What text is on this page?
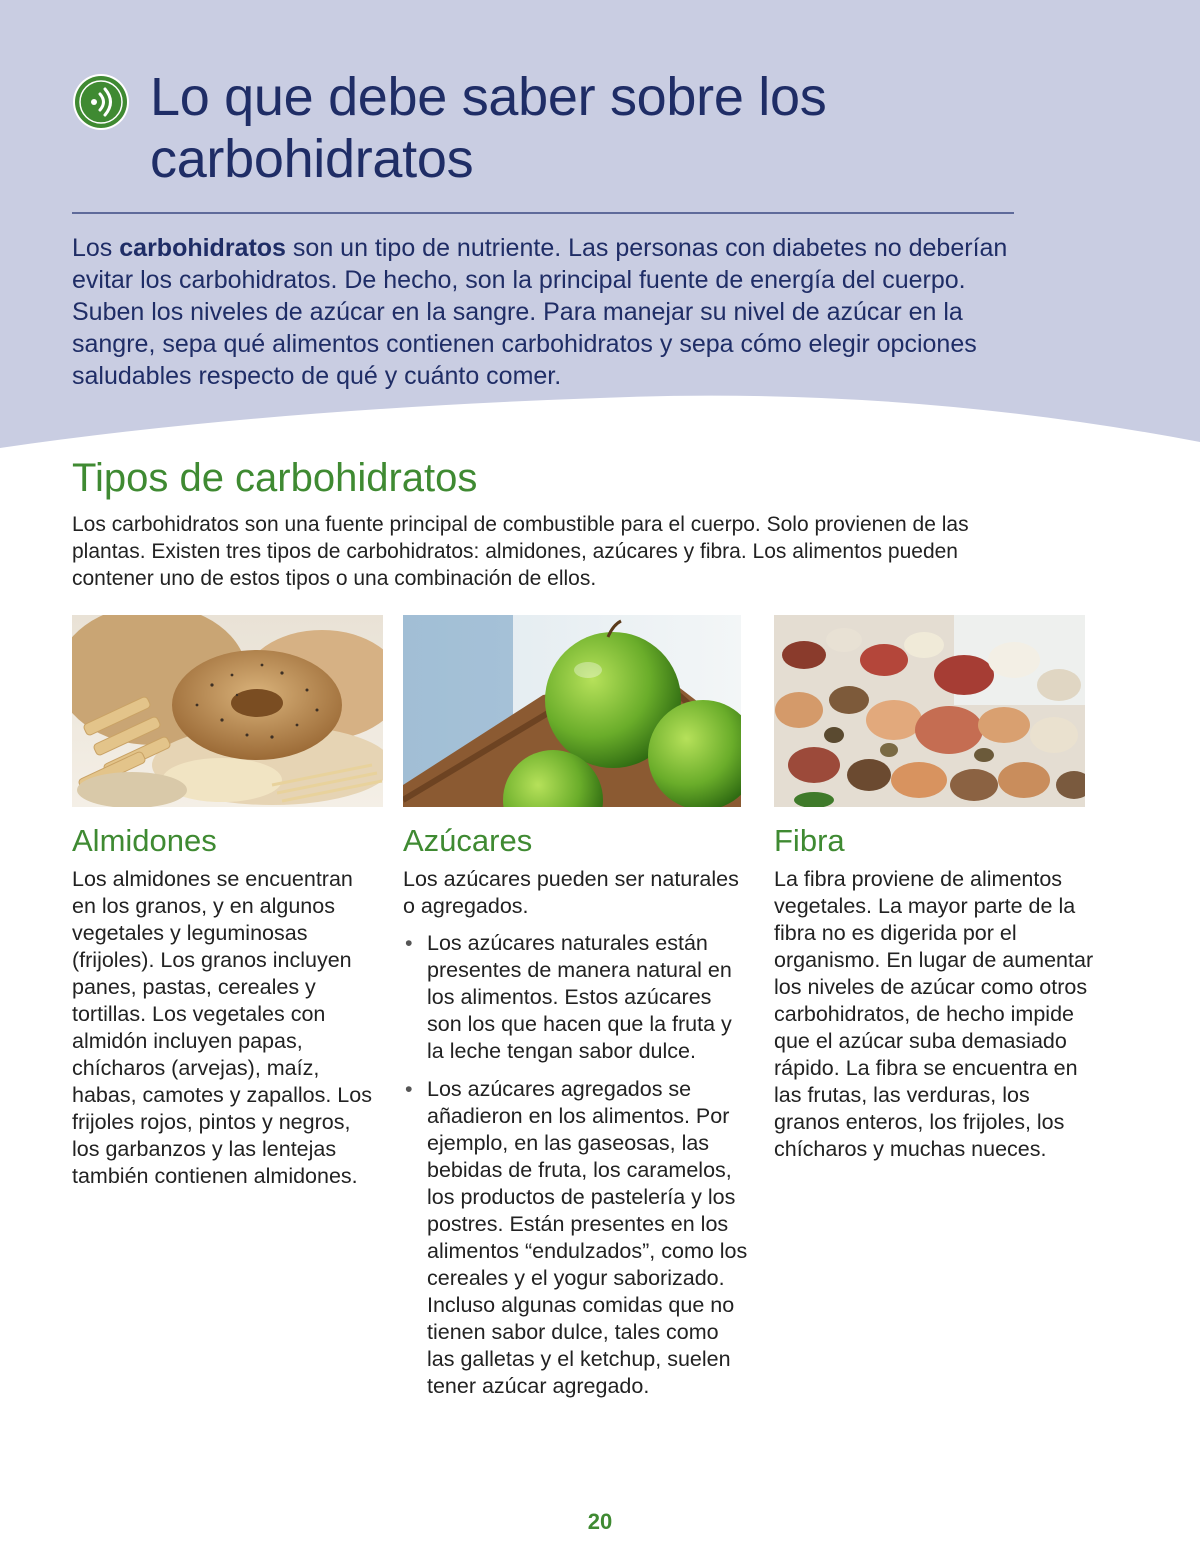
Lo que debe saber sobre los carbohidratos

Los carbohidratos son un tipo de nutriente. Las personas con diabetes no deberían evitar los carbohidratos. De hecho, son la principal fuente de energía del cuerpo. Suben los niveles de azúcar en la sangre. Para manejar su nivel de azúcar en la sangre, sepa qué alimentos contienen carbohidratos y sepa cómo elegir opciones saludables respecto de qué y cuánto comer.

Tipos de carbohidratos

Los carbohidratos son una fuente principal de combustible para el cuerpo. Solo provienen de las plantas. Existen tres tipos de carbohidratos: almidones, azúcares y fibra. Los alimentos pueden contener uno de estos tipos o una combinación de ellos.

Almidones

Los almidones se encuentran en los granos, y en algunos vegetales y leguminosas (frijoles). Los granos incluyen panes, pastas, cereales y tortillas. Los vegetales con almidón incluyen papas, chícharos (arvejas), maíz, habas, camotes y zapallos. Los frijoles rojos, pintos y negros, los garbanzos y las lentejas también contienen almidones.

Azúcares

Los azúcares pueden ser naturales o agregados.

• Los azúcares naturales están presentes de manera natural en los alimentos. Estos azúcares son los que hacen que la fruta y la leche tengan sabor dulce.
• Los azúcares agregados se añadieron en los alimentos. Por ejemplo, en las gaseosas, las bebidas de fruta, los caramelos, los productos de pastelería y los postres. Están presentes en los alimentos “endulzados”, como los cereales y el yogur saborizado. Incluso algunas comidas que no tienen sabor dulce, tales como las galletas y el ketchup, suelen tener azúcar agregado.
Fibra

La fibra proviene de alimentos vegetales. La mayor parte de la fibra no es digerida por el organismo. En lugar de aumentar los niveles de azúcar como otros carbohidratos, de hecho impide que el azúcar suba demasiado rápido. La fibra se encuentra en las frutas, las verduras, los granos enteros, los frijoles, los chícharos y muchas nueces.

20
